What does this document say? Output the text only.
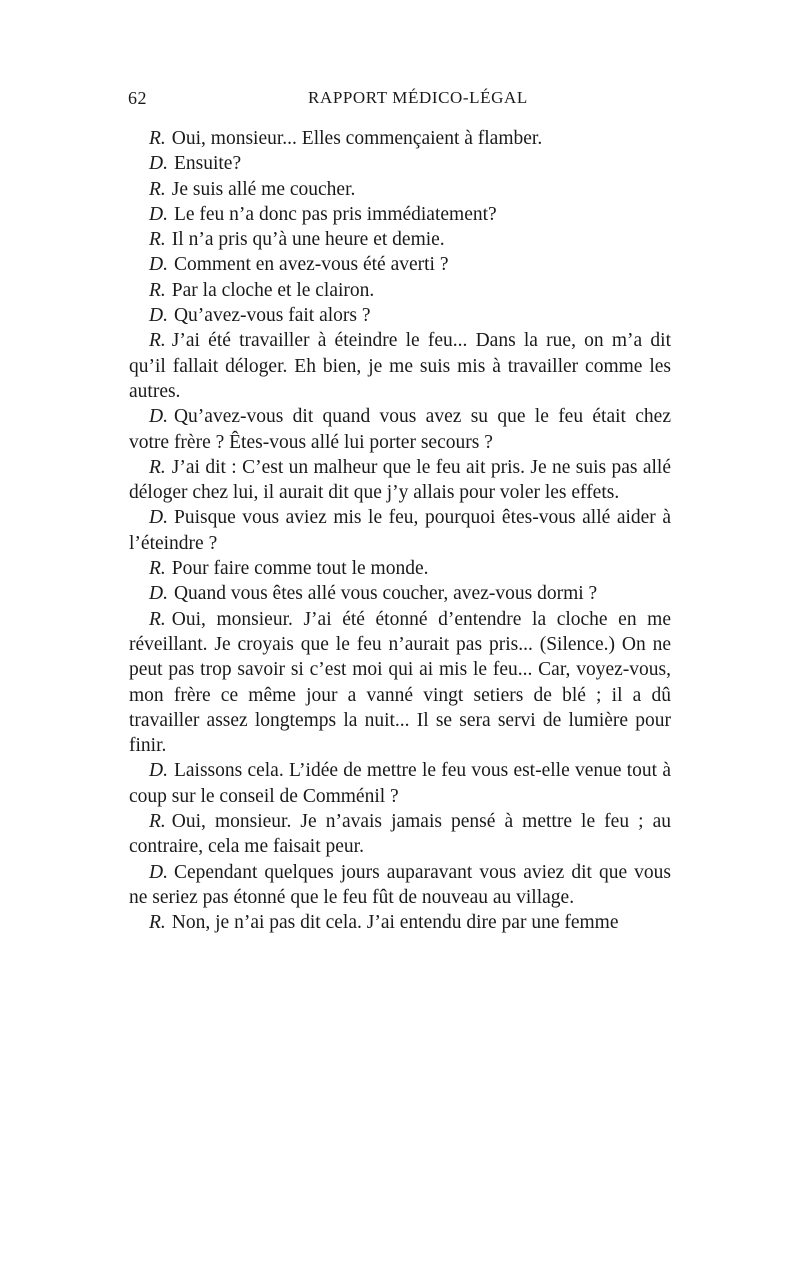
62	RAPPORT MÉDICO-LÉGAL

R. Oui, monsieur... Elles commençaient à flamber.

D. Ensuite?

R. Je suis allé me coucher.

D. Le feu n’a donc pas pris immédiatement?

R. Il n’a pris qu’à une heure et demie.

D. Comment en avez-vous été averti ?

R. Par la cloche et le clairon.

D. Qu’avez-vous fait alors ?

R. J’ai été travailler à éteindre le feu... Dans la rue, on m’a dit qu’il fallait déloger. Eh bien, je me suis mis à travailler comme les autres.

D. Qu’avez-vous dit quand vous avez su que le feu était chez votre frère ? Êtes-vous allé lui porter secours ?

R. J’ai dit : C’est un malheur que le feu ait pris. Je ne suis pas allé déloger chez lui, il aurait dit que j’y allais pour voler les effets.

D. Puisque vous aviez mis le feu, pourquoi êtes-vous allé aider à l’éteindre ?

R. Pour faire comme tout le monde.

D. Quand vous êtes allé vous coucher, avez-vous dormi ?

R. Oui, monsieur. J’ai été étonné d’entendre la cloche en me réveillant. Je croyais que le feu n’aurait pas pris... (Silence.) On ne peut pas trop savoir si c’est moi qui ai mis le feu... Car, voyez-vous, mon frère ce même jour a vanné vingt setiers de blé ; il a dû travailler assez longtemps la nuit... Il se sera servi de lumière pour finir.

D. Laissons cela. L’idée de mettre le feu vous est-elle venue tout à coup sur le conseil de Comménil ?

R. Oui, monsieur. Je n’avais jamais pensé à mettre le feu ; au contraire, cela me faisait peur.

D. Cependant quelques jours auparavant vous aviez dit que vous ne seriez pas étonné que le feu fût de nouveau au village.

R. Non, je n’ai pas dit cela. J’ai entendu dire par une femme
